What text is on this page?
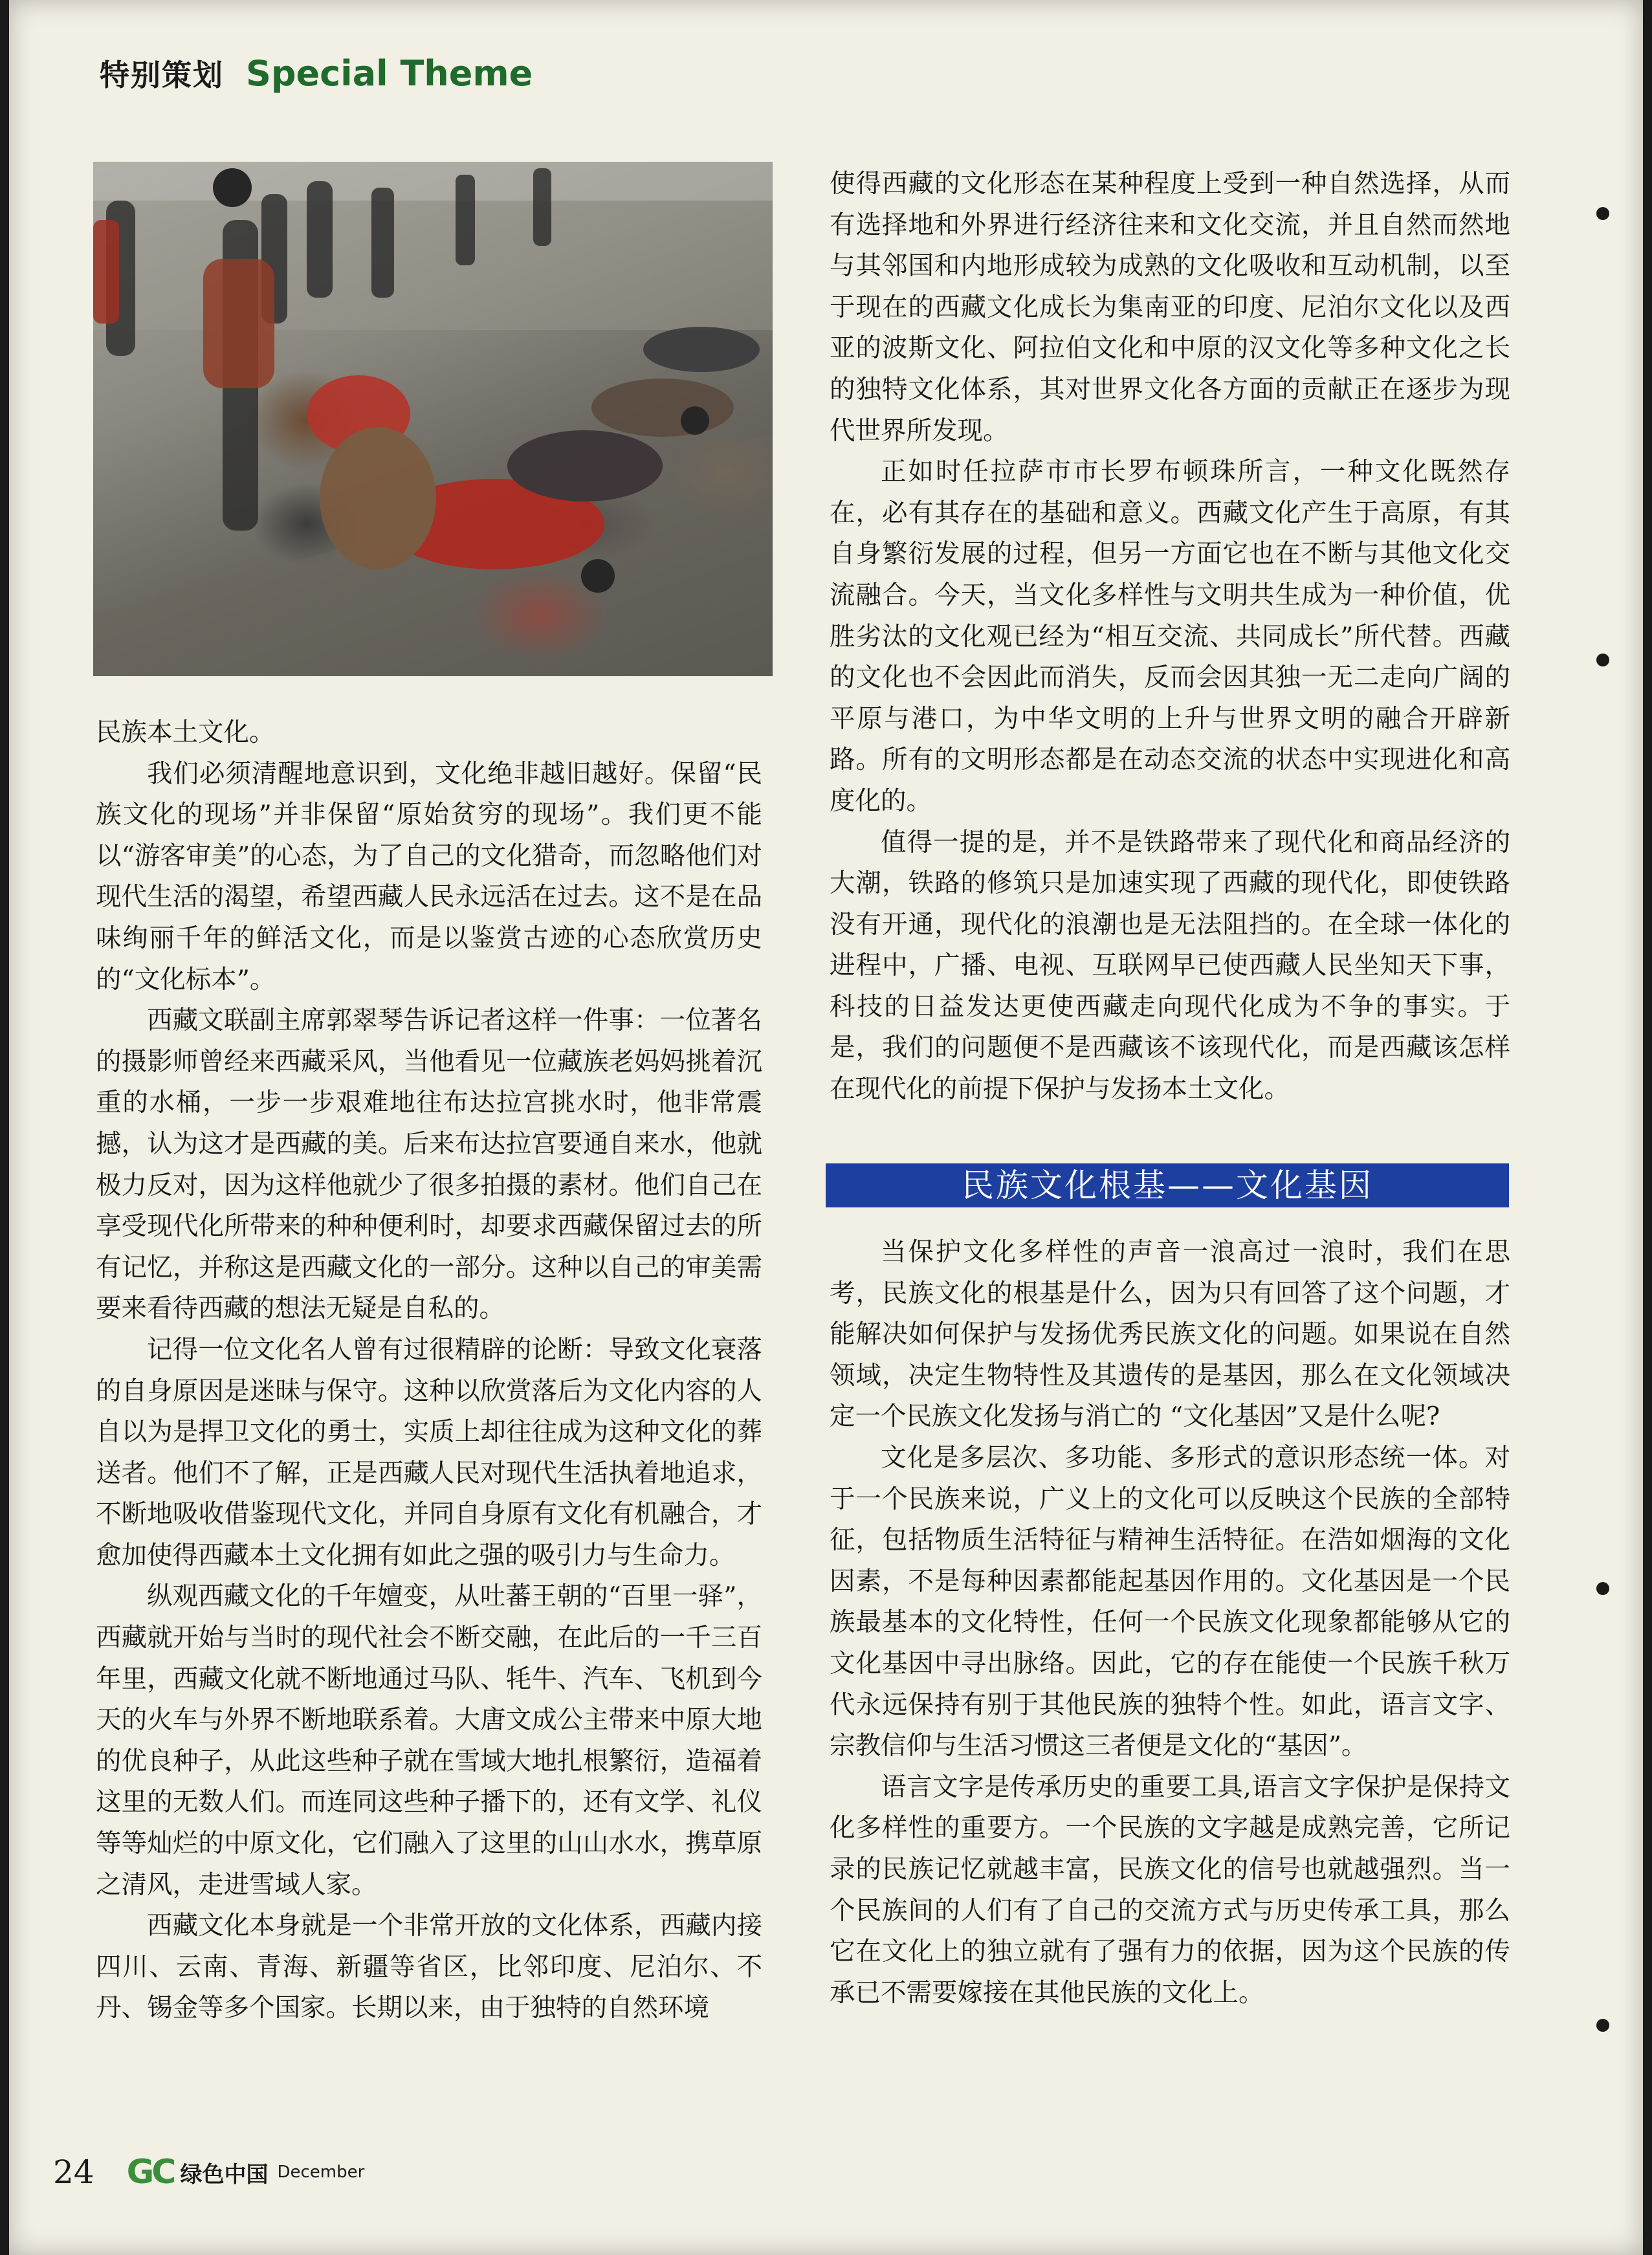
特别策划 Special Theme

民族本土文化。

我们必须清醒地意识到，文化绝非越旧越好。保留“民族文化的现场”并非保留“原始贫穷的现场”。我们更不能以“游客审美”的心态，为了自己的文化猎奇，而忽略他们对现代生活的渴望，希望西藏人民永远活在过去。这不是在品味绚丽千年的鲜活文化，而是以鉴赏古迹的心态欣赏历史的“文化标本”。

西藏文联副主席郭翠琴告诉记者这样一件事：一位著名的摄影师曾经来西藏采风，当他看见一位藏族老妈妈挑着沉重的水桶，一步一步艰难地往布达拉宫挑水时，他非常震撼，认为这才是西藏的美。后来布达拉宫要通自来水，他就极力反对，因为这样他就少了很多拍摄的素材。他们自己在享受现代化所带来的种种便利时，却要求西藏保留过去的所有记忆，并称这是西藏文化的一部分。这种以自己的审美需要来看待西藏的想法无疑是自私的。

记得一位文化名人曾有过很精辟的论断：导致文化衰落的自身原因是迷昧与保守。这种以欣赏落后为文化内容的人自以为是捍卫文化的勇士，实质上却往往成为这种文化的葬送者。他们不了解，正是西藏人民对现代生活执着地追求，不断地吸收借鉴现代文化，并同自身原有文化有机融合，才愈加使得西藏本土文化拥有如此之强的吸引力与生命力。

纵观西藏文化的千年嬗变，从吐蕃王朝的“百里一驿”，西藏就开始与当时的现代社会不断交融，在此后的一千三百年里，西藏文化就不断地通过马队、牦牛、汽车、飞机到今天的火车与外界不断地联系着。大唐文成公主带来中原大地的优良种子，从此这些种子就在雪域大地扎根繁衍，造福着这里的无数人们。而连同这些种子播下的，还有文学、礼仪等等灿烂的中原文化，它们融入了这里的山山水水，携草原之清风，走进雪域人家。

西藏文化本身就是一个非常开放的文化体系，西藏内接四川、云南、青海、新疆等省区，比邻印度、尼泊尔、不丹、锡金等多个国家。长期以来，由于独特的自然环境

使得西藏的文化形态在某种程度上受到一种自然选择，从而有选择地和外界进行经济往来和文化交流，并且自然而然地与其邻国和内地形成较为成熟的文化吸收和互动机制，以至于现在的西藏文化成长为集南亚的印度、尼泊尔文化以及西亚的波斯文化、阿拉伯文化和中原的汉文化等多种文化之长的独特文化体系，其对世界文化各方面的贡献正在逐步为现代世界所发现。

正如时任拉萨市市长罗布顿珠所言，一种文化既然存在，必有其存在的基础和意义。西藏文化产生于高原，有其自身繁衍发展的过程，但另一方面它也在不断与其他文化交流融合。今天，当文化多样性与文明共生成为一种价值，优胜劣汰的文化观已经为“相互交流、共同成长”所代替。西藏的文化也不会因此而消失，反而会因其独一无二走向广阔的平原与港口，为中华文明的上升与世界文明的融合开辟新路。所有的文明形态都是在动态交流的状态中实现进化和高度化的。

值得一提的是，并不是铁路带来了现代化和商品经济的大潮，铁路的修筑只是加速实现了西藏的现代化，即使铁路没有开通，现代化的浪潮也是无法阻挡的。在全球一体化的进程中，广播、电视、互联网早已使西藏人民坐知天下事，科技的日益发达更使西藏走向现代化成为不争的事实。于是，我们的问题便不是西藏该不该现代化，而是西藏该怎样在现代化的前提下保护与发扬本土文化。

民族文化根基——文化基因

当保护文化多样性的声音一浪高过一浪时，我们在思考，民族文化的根基是什么，因为只有回答了这个问题，才能解决如何保护与发扬优秀民族文化的问题。如果说在自然领域，决定生物特性及其遗传的是基因，那么在文化领域决定一个民族文化发扬与消亡的 “文化基因”又是什么呢?

文化是多层次、多功能、多形式的意识形态统一体。对于一个民族来说，广义上的文化可以反映这个民族的全部特征，包括物质生活特征与精神生活特征。在浩如烟海的文化因素，不是每种因素都能起基因作用的。文化基因是一个民族最基本的文化特性，任何一个民族文化现象都能够从它的文化基因中寻出脉络。因此，它的存在能使一个民族千秋万代永远保持有别于其他民族的独特个性。如此，语言文字、宗教信仰与生活习惯这三者便是文化的“基因”。

语言文字是传承历史的重要工具,语言文字保护是保持文化多样性的重要方。一个民族的文字越是成熟完善，它所记录的民族记忆就越丰富，民族文化的信号也就越强烈。当一个民族间的人们有了自己的交流方式与历史传承工具，那么它在文化上的独立就有了强有力的依据，因为这个民族的传承已不需要嫁接在其他民族的文化上。

24 GC 绿色中国 December
